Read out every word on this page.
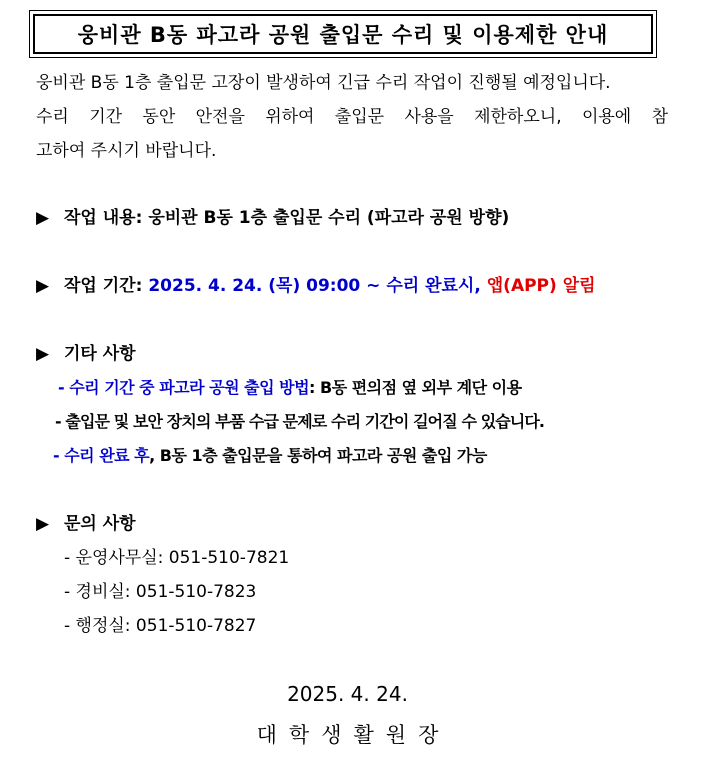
웅비관 B동 파고라 공원 출입문 수리 및 이용제한 안내
웅비관 B동 1층 출입문 고장이 발생하여 긴급 수리 작업이 진행될 예정입니다.
수리 기간 동안 안전을 위하여 출입문 사용을 제한하오니, 이용에 참
고하여 주시기 바랍니다.
▶ 작업 내용: 웅비관 B동 1층 출입문 수리 (파고라 공원 방향)
▶ 작업 기간: 2025. 4. 24. (목) 09:00 ~ 수리 완료시, 앱(APP) 알림
▶ 기타 사항
- 수리 기간 중 파고라 공원 출입 방법: B동 편의점 옆 외부 계단 이용
- 출입문 및 보안 장치의 부품 수급 문제로 수리 기간이 길어질 수 있습니다.
- 수리 완료 후, B동 1층 출입문을 통하여 파고라 공원 출입 가능
▶ 문의 사항
- 운영사무실: 051-510-7821
- 경비실: 051-510-7823
- 행정실: 051-510-7827
2025. 4. 24.
대학생활원장
